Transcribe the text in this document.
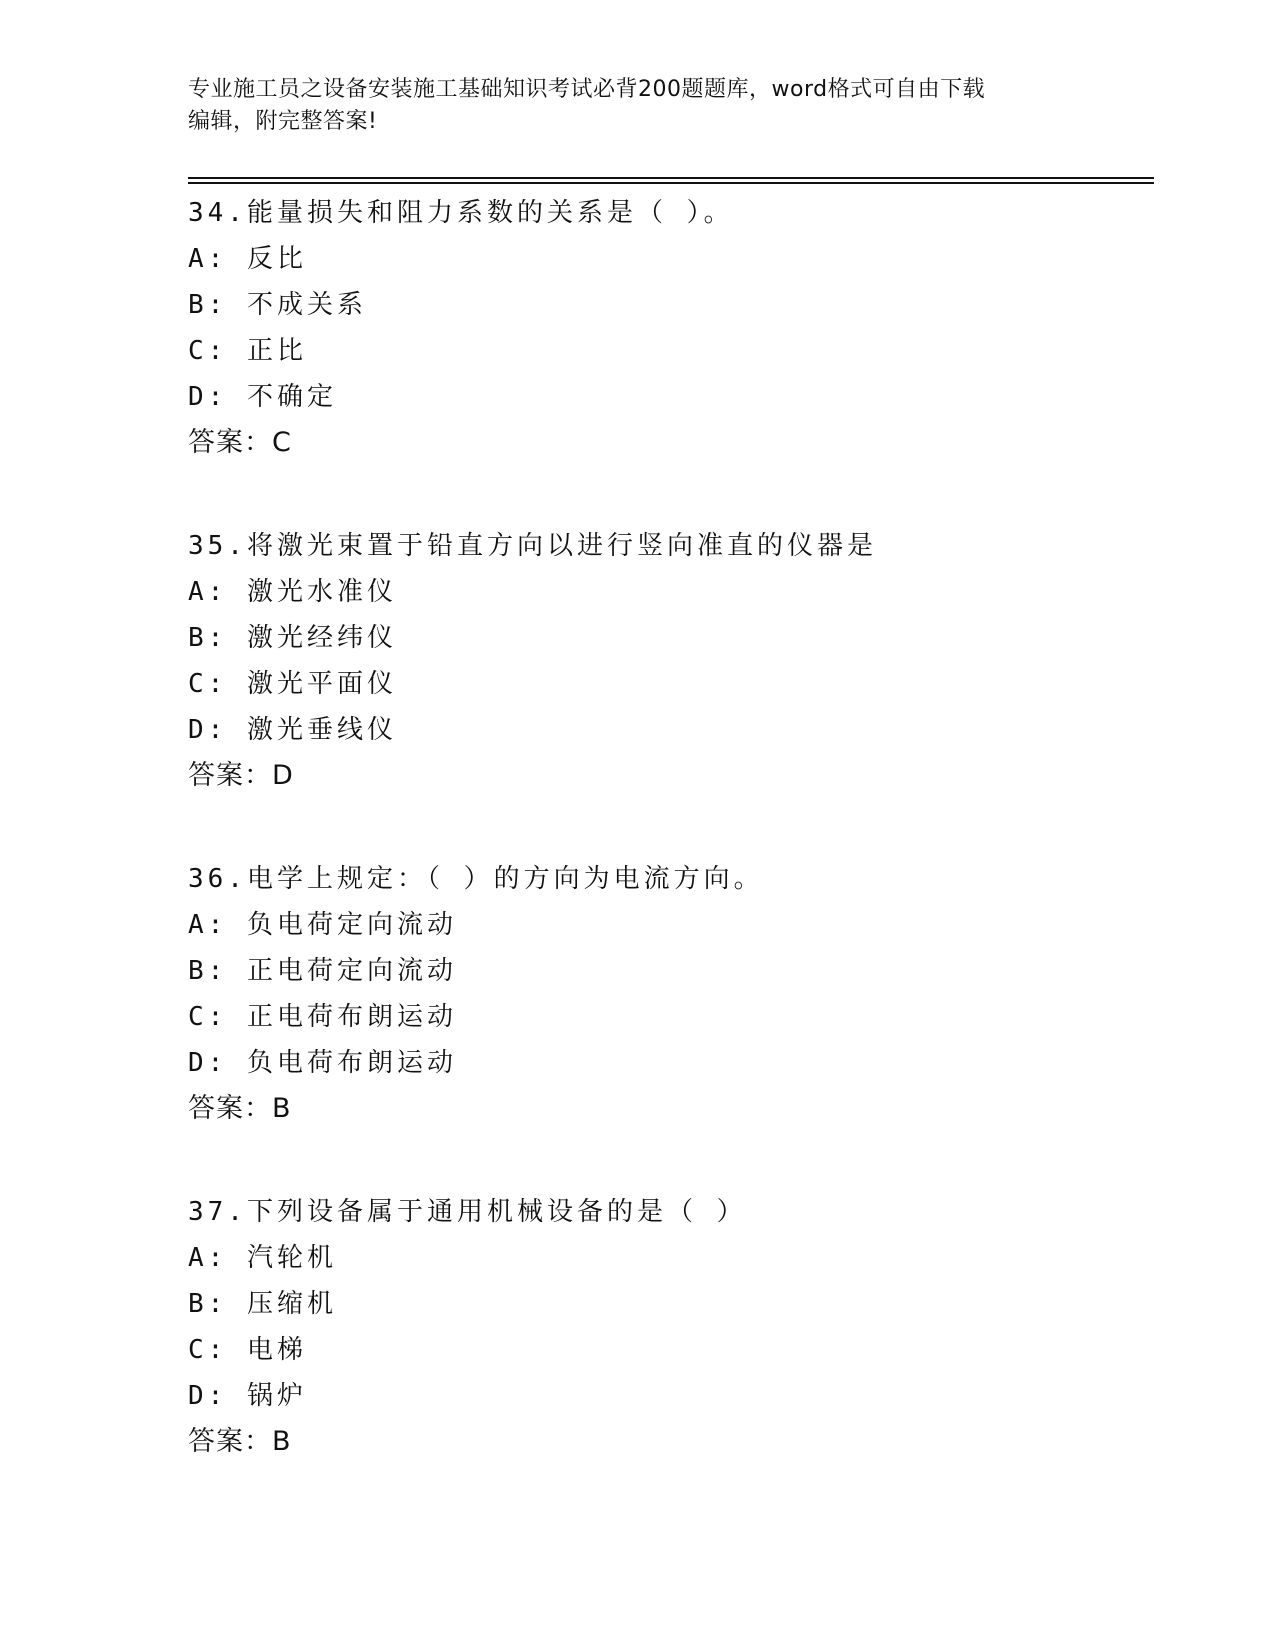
专业施工员之设备安装施工基础知识考试必背200题题库，word格式可自由下载
编辑，附完整答案!
34.能量损失和阻力系数的关系是（ ）。
A: 反比
B: 不成关系
C: 正比
D: 不确定
答案：C
35.将激光束置于铅直方向以进行竖向准直的仪器是
A: 激光水准仪
B: 激光经纬仪
C: 激光平面仪
D: 激光垂线仪
答案：D
36.电学上规定：（ ）的方向为电流方向。
A: 负电荷定向流动
B: 正电荷定向流动
C: 正电荷布朗运动
D: 负电荷布朗运动
答案：B
37.下列设备属于通用机械设备的是（ ）
A: 汽轮机
B: 压缩机
C: 电梯
D: 锅炉
答案：B
